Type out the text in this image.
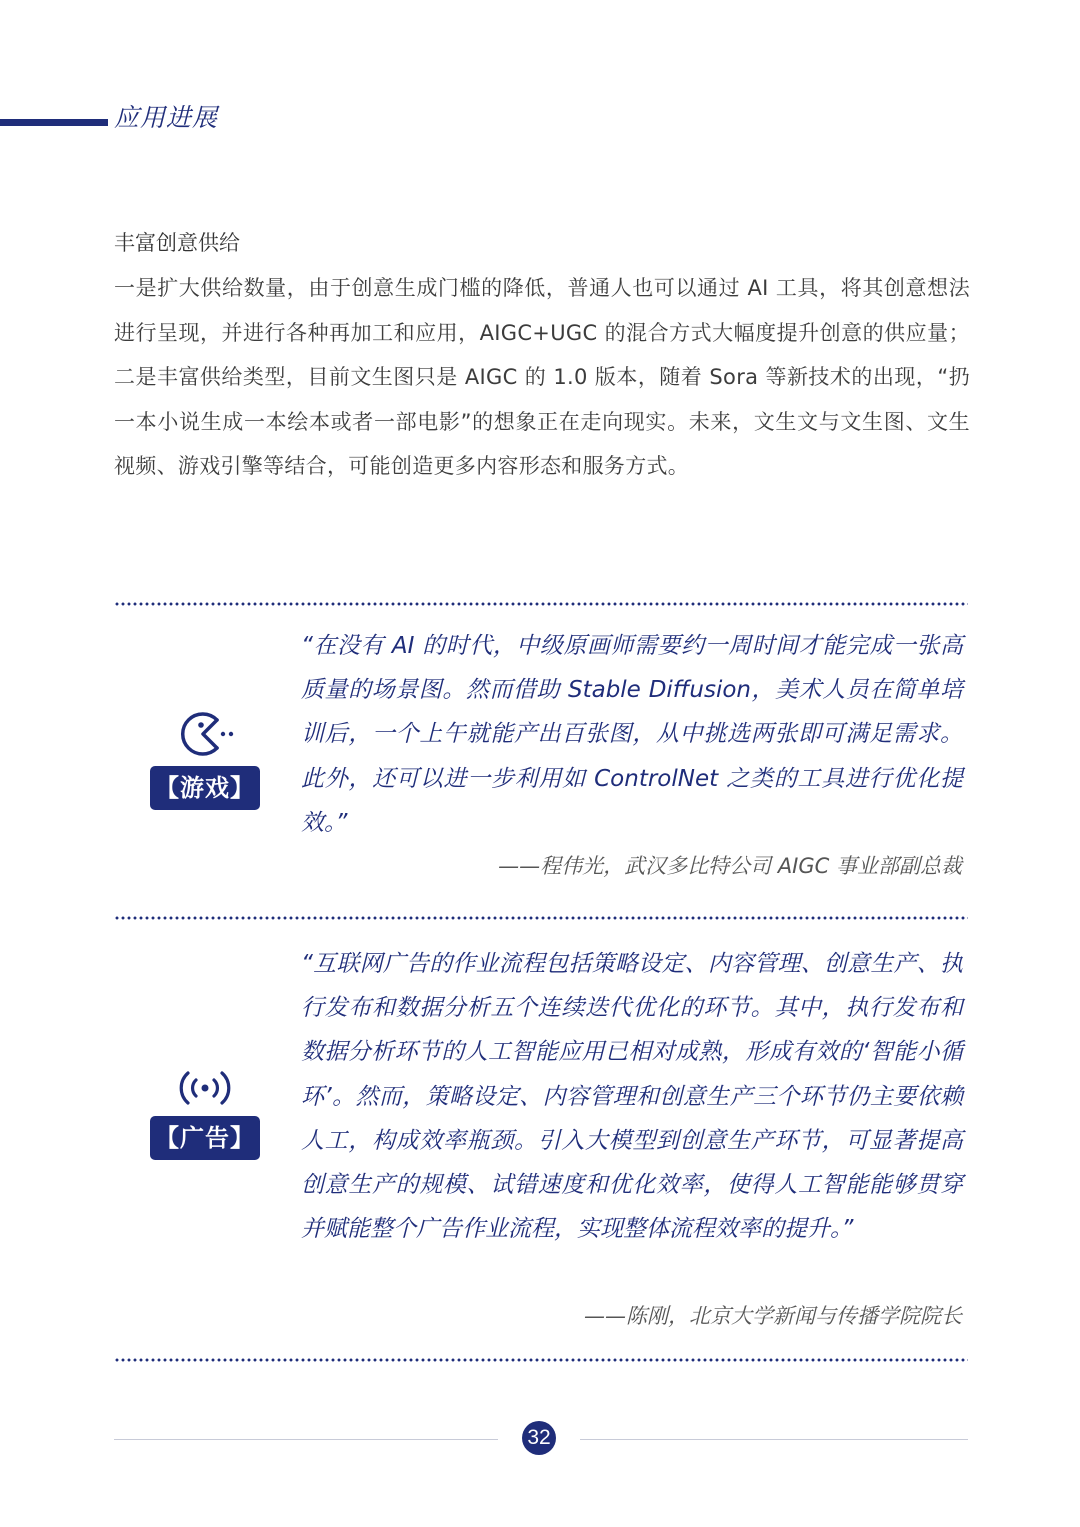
应用进展
丰富创意供给
一是扩大供给数量，由于创意生成门槛的降低，普通人也可以通过 AI 工具，将其创意想法进行呈现，并进行各种再加工和应用，AIGC+UGC 的混合方式大幅度提升创意的供应量；二是丰富供给类型，目前文生图只是 AIGC 的 1.0 版本，随着 Sora 等新技术的出现，“扔一本小说生成一本绘本或者一部电影”的想象正在走向现实。未来，文生文与文生图、文生视频、游戏引擎等结合，可能创造更多内容形态和服务方式。
【游戏】
“在没有 AI 的时代，中级原画师需要约一周时间才能完成一张高质量的场景图。然而借助 Stable Diffusion，美术人员在简单培训后，一个上午就能产出百张图，从中挑选两张即可满足需求。此外，还可以进一步利用如 ControlNet 之类的工具进行优化提效。”
——程伟光，武汉多比特公司 AIGC 事业部副总裁
【广告】
“互联网广告的作业流程包括策略设定、内容管理、创意生产、执行发布和数据分析五个连续迭代优化的环节。其中，执行发布和数据分析环节的人工智能应用已相对成熟，形成有效的‘智能小循环’。然而，策略设定、内容管理和创意生产三个环节仍主要依赖人工，构成效率瓶颈。引入大模型到创意生产环节，可显著提高创意生产的规模、试错速度和优化效率，使得人工智能能够贯穿并赋能整个广告作业流程，实现整体流程效率的提升。”
——陈刚，北京大学新闻与传播学院院长
32
